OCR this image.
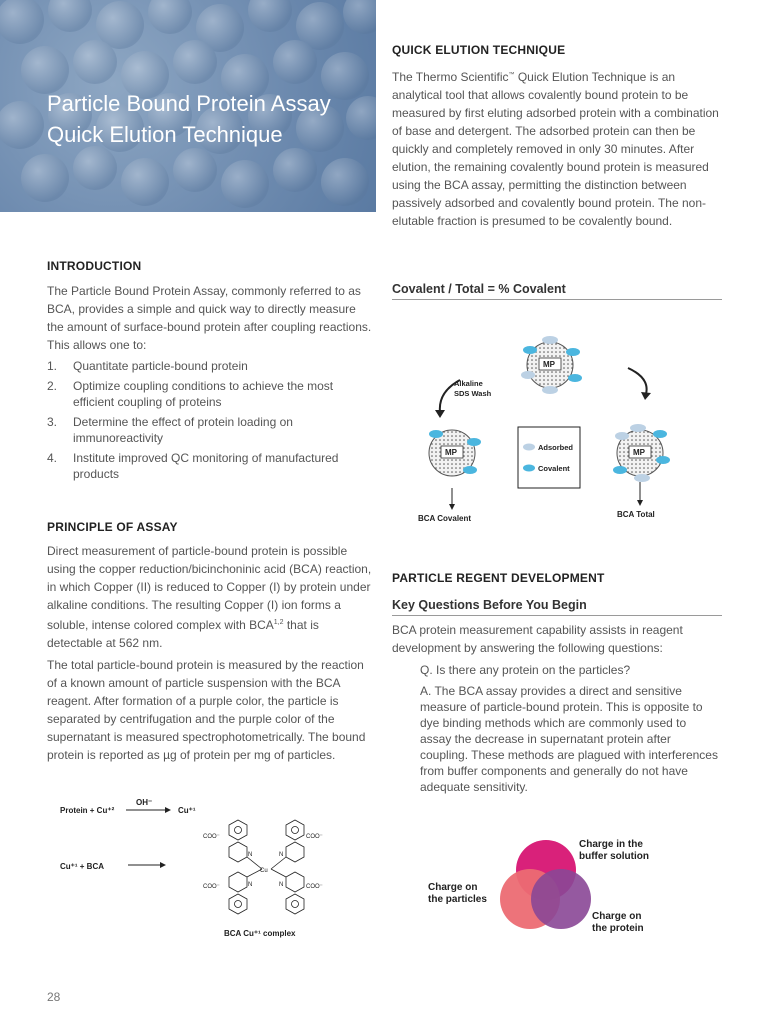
Particle Bound Protein Assay Quick Elution Technique
INTRODUCTION
The Particle Bound Protein Assay, commonly referred to as BCA, provides a simple and quick way to directly measure the amount of surface-bound protein after coupling reactions. This allows one to:
1.	Quantitate particle-bound protein
2.	Optimize coupling conditions to achieve the most efficient coupling of proteins
3.	Determine the effect of protein loading on immunoreactivity
4.	Institute improved QC monitoring of manufactured products
PRINCIPLE OF ASSAY
Direct measurement of particle-bound protein is possible using the copper reduction/bicinchoninic acid (BCA) reaction, in which Copper (II) is reduced to Copper (I) by protein under alkaline conditions. The resulting Copper (I) ion forms a soluble, intense colored complex with BCA$^{1,2}$ that is detectable at 562 nm.
The total particle-bound protein is measured by the reaction of a known amount of particle suspension with the BCA reagent. After formation of a purple color, the particle is separated by centrifugation and the purple color of the supernatant is measured spectrophotometrically. The bound protein is reported as µg of protein per mg of particles.
Protein + Cu⁺²
OH⁻
Cu⁺¹
Cu⁺¹ + BCA
N	N
N	N
Cu
COO⁻	COO⁻
COO⁻	COO⁻
BCA Cu⁺¹ complex
QUICK ELUTION TECHNIQUE
The Thermo Scientific™ Quick Elution Technique is an analytical tool that allows covalently bound protein to be measured by first eluting adsorbed protein with a combination of base and detergent. The adsorbed protein can then be quickly and completely removed in only 30 minutes. After elution, the remaining covalently bound protein is measured using the BCA assay, permitting the distinction between passively adsorbed and covalently bound protein. The non-elutable fraction is presumed to be covalently bound.
Covalent / Total = % Covalent
MP
Alkaline
SDS Wash
MP
Adsorbed
Covalent
MP
BCA Covalent	BCA Total
PARTICLE REGENT DEVELOPMENT
Key Questions Before You Begin
BCA protein measurement capability assists in reagent development by answering the following questions:
Q. Is there any protein on the particles?
A. The BCA assay provides a direct and sensitive measure of particle-bound protein. This is opposite to dye binding methods which are commonly used to assay the decrease in supernatant protein after coupling. These methods are plagued with interferences from buffer components and generally do not have adequate sensitivity.
Charge in the
buffer solution
Charge on
the particles
Charge on
the protein
28
